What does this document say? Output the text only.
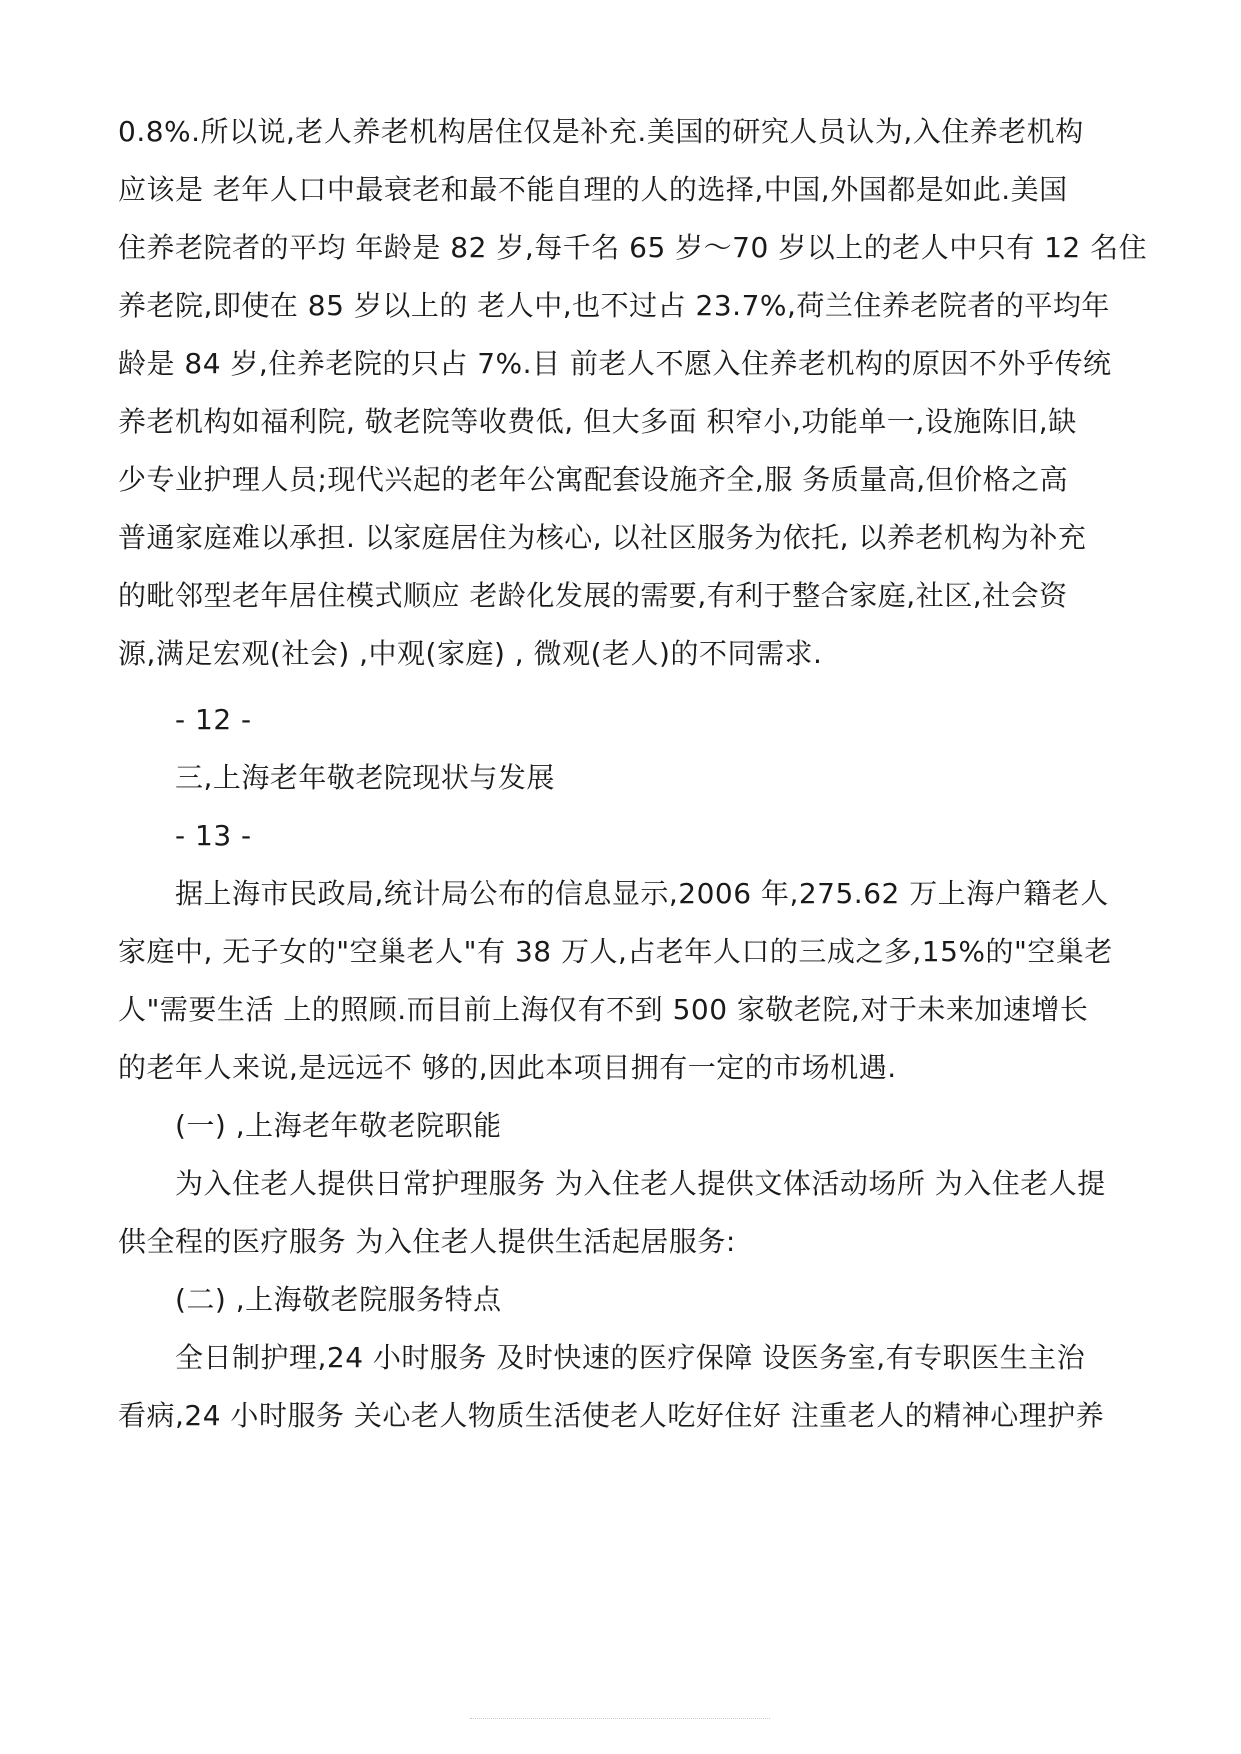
0.8%.所以说,老人养老机构居住仅是补充.美国的研究人员认为,入住养老机构
应该是 老年人口中最衰老和最不能自理的人的选择,中国,外国都是如此.美国
住养老院者的平均 年龄是 82 岁,每千名 65 岁～70 岁以上的老人中只有 12 名住
养老院,即使在 85 岁以上的 老人中,也不过占 23.7%,荷兰住养老院者的平均年
龄是 84 岁,住养老院的只占 7%.目 前老人不愿入住养老机构的原因不外乎传统
养老机构如福利院, 敬老院等收费低, 但大多面 积窄小,功能单一,设施陈旧,缺
少专业护理人员;现代兴起的老年公寓配套设施齐全,服 务质量高,但价格之高
普通家庭难以承担. 以家庭居住为核心, 以社区服务为依托, 以养老机构为补充
的毗邻型老年居住模式顺应 老龄化发展的需要,有利于整合家庭,社区,社会资
源,满足宏观(社会) ,中观(家庭) , 微观(老人)的不同需求.
- 12 -
三,上海老年敬老院现状与发展
- 13 -
据上海市民政局,统计局公布的信息显示,2006 年,275.62 万上海户籍老人
家庭中, 无子女的"空巢老人"有 38 万人,占老年人口的三成之多,15%的"空巢老
人"需要生活 上的照顾.而目前上海仅有不到 500 家敬老院,对于未来加速增长
的老年人来说,是远远不 够的,因此本项目拥有一定的市场机遇.
(一) ,上海老年敬老院职能
为入住老人提供日常护理服务 为入住老人提供文体活动场所 为入住老人提
供全程的医疗服务 为入住老人提供生活起居服务:
(二) ,上海敬老院服务特点
全日制护理,24 小时服务 及时快速的医疗保障 设医务室,有专职医生主治
看病,24 小时服务 关心老人物质生活使老人吃好住好 注重老人的精神心理护养
